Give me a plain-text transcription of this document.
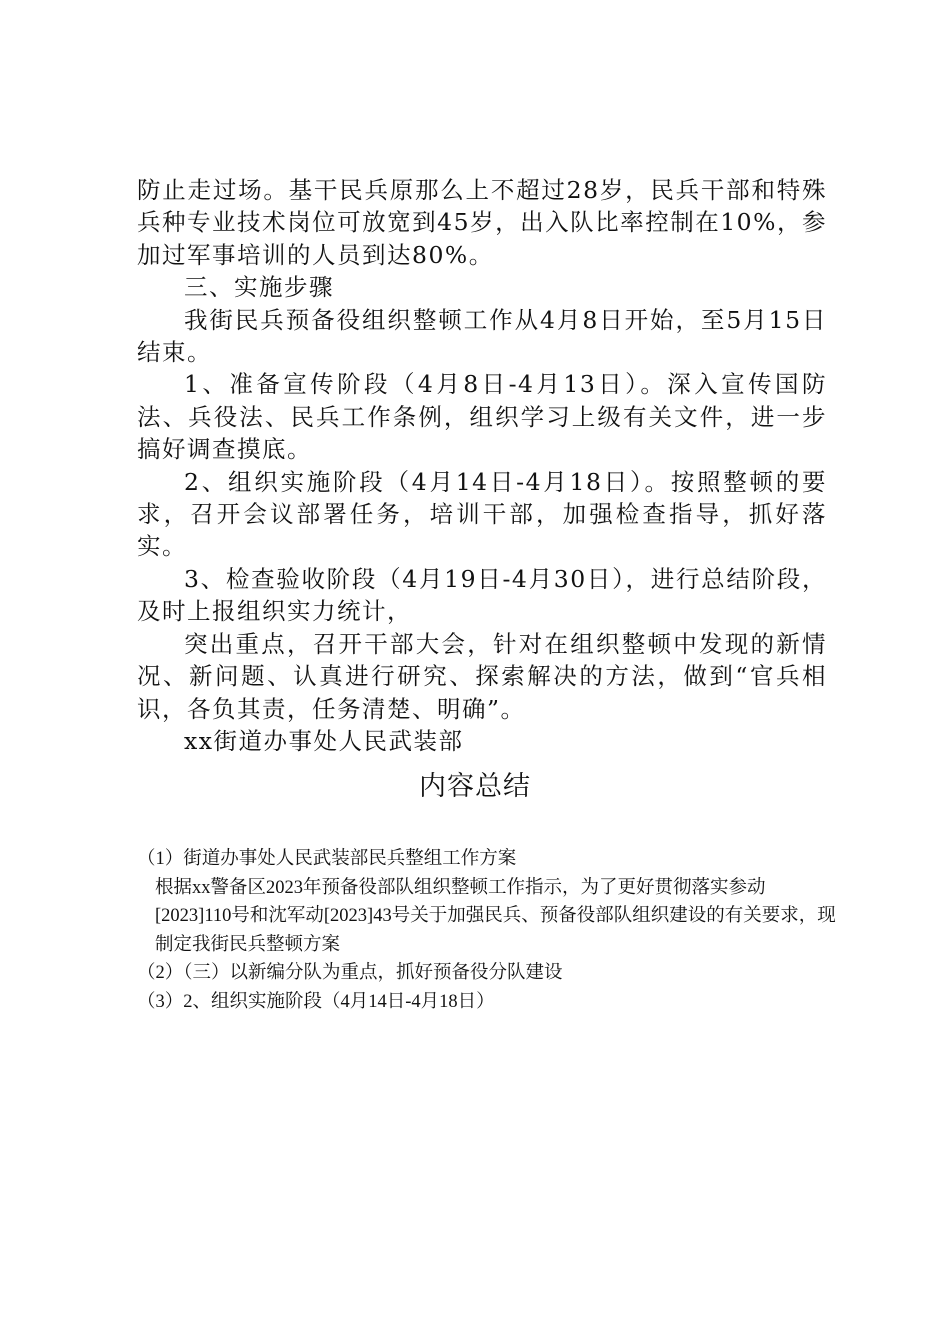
防止走过场。基干民兵原那么上不超过28岁，民兵干部和特殊兵种专业技术岗位可放宽到45岁，出入队比率控制在10%，参加过军事培训的人员到达80%。

三、实施步骤

我街民兵预备役组织整顿工作从4月8日开始，至5月15日结束。

1、准备宣传阶段（4月8日-4月13日）。深入宣传国防法、兵役法、民兵工作条例，组织学习上级有关文件，进一步搞好调查摸底。

2、组织实施阶段（4月14日-4月18日）。按照整顿的要求，召开会议部署任务，培训干部，加强检查指导，抓好落实。

3、检查验收阶段（4月19日-4月30日），进行总结阶段，及时上报组织实力统计，

突出重点，召开干部大会，针对在组织整顿中发现的新情况、新问题、认真进行研究、探索解决的方法，做到“官兵相识，各负其责，任务清楚、明确”。

xx街道办事处人民武装部

内容总结

（1）街道办事处人民武装部民兵整组工作方案

根据xx警备区2023年预备役部队组织整顿工作指示，为了更好贯彻落实参动[2023]110号和沈军动[2023]43号关于加强民兵、预备役部队组织建设的有关要求，现制定我街民兵整顿方案

（2）（三）以新编分队为重点，抓好预备役分队建设

（3）2、组织实施阶段（4月14日-4月18日）
